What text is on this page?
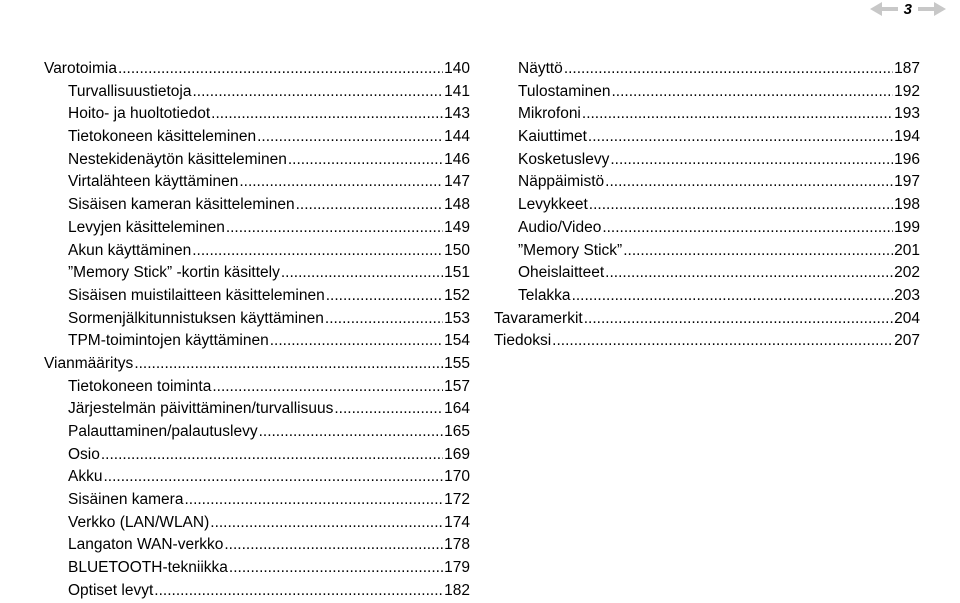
3
Varotoimia .....	140
Turvallisuustietoja .....	141
Hoito- ja huoltotiedot .....	143
Tietokoneen käsitteleminen .....	144
Nestekidenäytön käsitteleminen .....	146
Virtalähteen käyttäminen .....	147
Sisäisen kameran käsitteleminen .....	148
Levyjen käsitteleminen .....	149
Akun käyttäminen .....	150
”Memory Stick” -kortin käsittely .....	151
Sisäisen muistilaitteen käsitteleminen .....	152
Sormenjälkitunnistuksen käyttäminen .....	153
TPM-toimintojen käyttäminen .....	154
Vianmääritys .....	155
Tietokoneen toiminta .....	157
Järjestelmän päivittäminen/turvallisuus .....	164
Palauttaminen/palautuslevy .....	165
Osio .....	169
Akku .....	170
Sisäinen kamera .....	172
Verkko (LAN/WLAN) .....	174
Langaton WAN-verkko .....	178
BLUETOOTH-tekniikka .....	179
Optiset levyt .....	182
Näyttö .....	187
Tulostaminen .....	192
Mikrofoni .....	193
Kaiuttimet .....	194
Kosketuslevy .....	196
Näppäimistö .....	197
Levykkeet .....	198
Audio/Video .....	199
”Memory Stick” .....	201
Oheislaitteet .....	202
Telakka .....	203
Tavaramerkit .....	204
Tiedoksi .....	207
